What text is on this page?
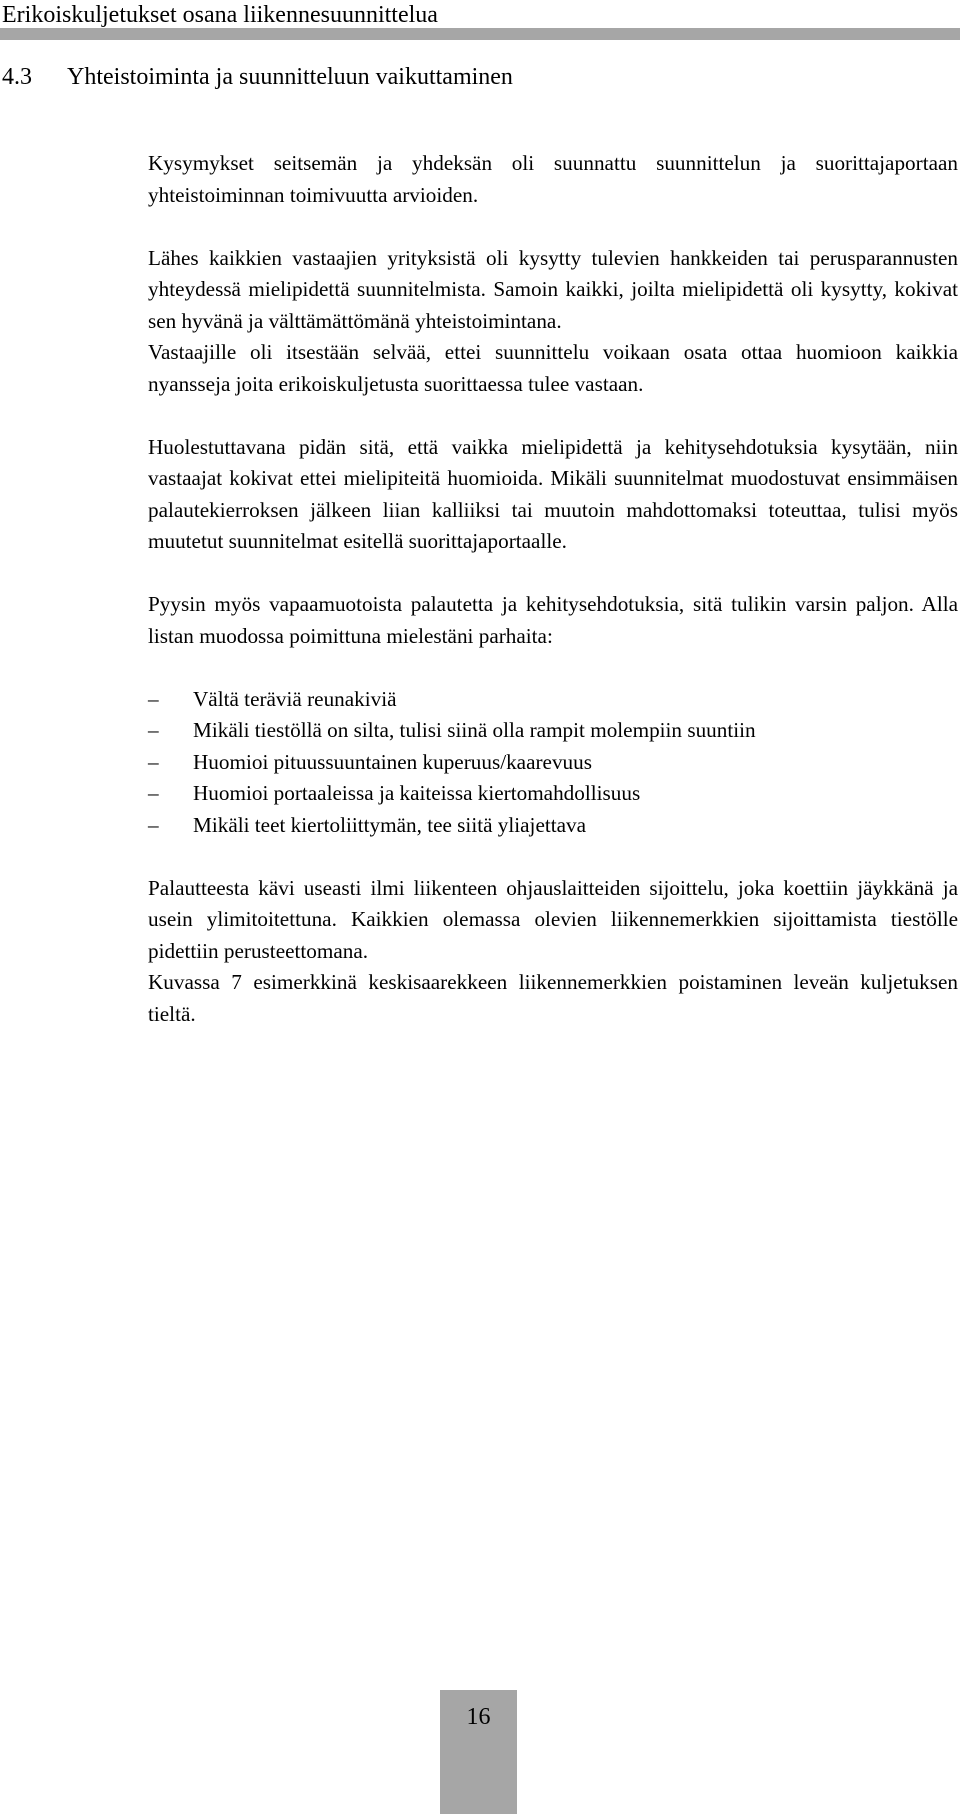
Erikoiskuljetukset osana liikennesuunnittelua
4.3 Yhteistoiminta ja suunnitteluun vaikuttaminen

Kysymykset seitsemän ja yhdeksän oli suunnattu suunnittelun ja suorittajaportaan yhteistoiminnan toimivuutta arvioiden.

Lähes kaikkien vastaajien yrityksistä oli kysytty tulevien hankkeiden tai perusparannusten yhteydessä mielipidettä suunnitelmista. Samoin kaikki, joilta mielipidettä oli kysytty, kokivat sen hyvänä ja välttämättömänä yhteistoimintana.

Vastaajille oli itsestään selvää, ettei suunnittelu voikaan osata ottaa huomioon kaikkia nyansseja joita erikoiskuljetusta suorittaessa tulee vastaan.

Huolestuttavana pidän sitä, että vaikka mielipidettä ja kehitysehdotuksia kysytään, niin vastaajat kokivat ettei mielipiteitä huomioida. Mikäli suunnitelmat muodostuvat ensimmäisen palautekierroksen jälkeen liian kalliiksi tai muutoin mahdottomaksi toteuttaa, tulisi myös muutetut suunnitelmat esitellä suorittajaportaalle.

Pyysin myös vapaamuotoista palautetta ja kehitysehdotuksia, sitä tulikin varsin paljon. Alla listan muodossa poimittuna mielestäni parhaita:

– Vältä teräviä reunakiviä
– Mikäli tiestöllä on silta, tulisi siinä olla rampit molempiin suuntiin
– Huomioi pituussuuntainen kuperuus/kaarevuus
– Huomioi portaaleissa ja kaiteissa kiertomahdollisuus
– Mikäli teet kiertoliittymän, tee siitä yliajettava

Palautteesta kävi useasti ilmi liikenteen ohjauslaitteiden sijoittelu, joka koettiin jäykkänä ja usein ylimitoitettuna. Kaikkien olemassa olevien liikennemerkkien sijoittamista tiestölle pidettiin perusteettomana.

Kuvassa 7 esimerkkinä keskisaarekkeen liikennemerkkien poistaminen leveän kuljetuksen tieltä.

16
